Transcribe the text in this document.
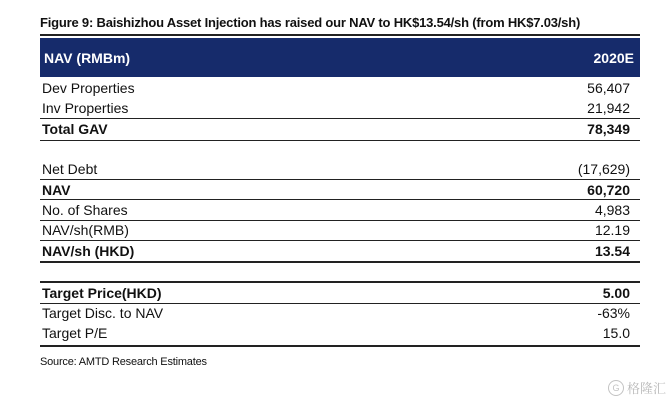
Figure 9: Baishizhou Asset Injection has raised our NAV to HK$13.54/sh (from HK$7.03/sh)
NAV (RMBm)	2020E
Dev Properties	56,407
Inv Properties	21,942
Total GAV	78,349
Net Debt	(17,629)
NAV	60,720
No. of Shares	4,983
NAV/sh(RMB)	12.19
NAV/sh (HKD)	13.54
Target Price(HKD)	5.00
Target Disc. to NAV	-63%
Target P/E	15.0
Source: AMTD Research Estimates
G 格隆汇
